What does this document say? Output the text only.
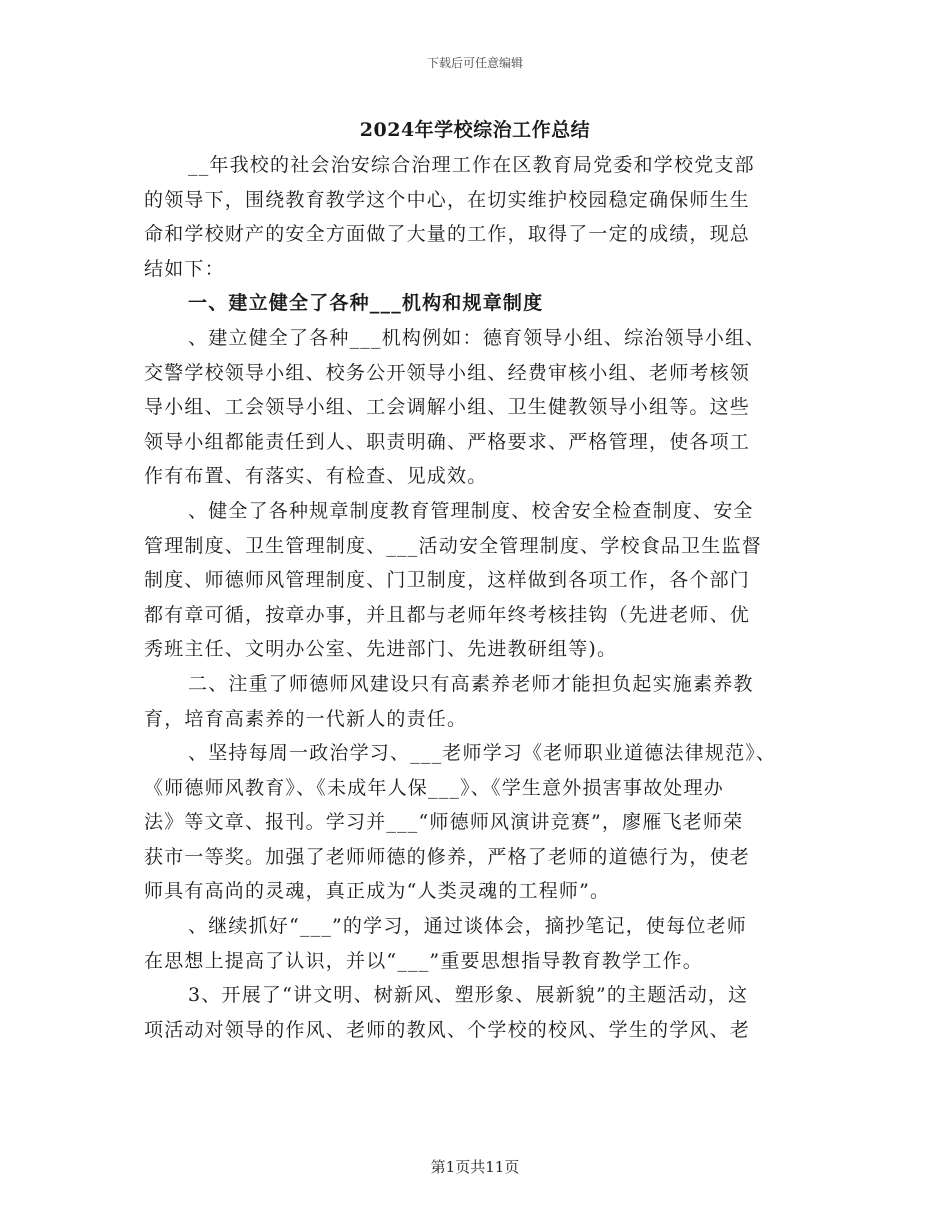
下载后可任意编辑
2024年学校综治工作总结
__年我校的社会治安综合治理工作在区教育局党委和学校党支部
的领导下，围绕教育教学这个中心，在切实维护校园稳定确保师生生
命和学校财产的安全方面做了大量的工作，取得了一定的成绩，现总
结如下：
一、建立健全了各种___机构和规章制度
、建立健全了各种___机构例如：德育领导小组、综治领导小组、
交警学校领导小组、校务公开领导小组、经费审核小组、老师考核领
导小组、工会领导小组、工会调解小组、卫生健教领导小组等。这些
领导小组都能责任到人、职责明确、严格要求、严格管理，使各项工
作有布置、有落实、有检查、见成效。
、健全了各种规章制度教育管理制度、校舍安全检查制度、安全
管理制度、卫生管理制度、___活动安全管理制度、学校食品卫生监督
制度、师德师风管理制度、门卫制度，这样做到各项工作，各个部门
都有章可循，按章办事，并且都与老师年终考核挂钩（先进老师、优
秀班主任、文明办公室、先进部门、先进教研组等)。
二、注重了师德师风建设只有高素养老师才能担负起实施素养教
育，培育高素养的一代新人的责任。
、坚持每周一政治学习、___老师学习《老师职业道德法律规范》、
《师德师风教育》、《未成年人保___》、《学生意外损害事故处理办
法》等文章、报刊。学习并___“师德师风演讲竞赛”，廖雁飞老师荣
获市一等奖。加强了老师师德的修养，严格了老师的道德行为，使老
师具有高尚的灵魂，真正成为“人类灵魂的工程师”。
、继续抓好“___”的学习，通过谈体会，摘抄笔记，使每位老师
在思想上提高了认识，并以“___”重要思想指导教育教学工作。
3、开展了“讲文明、树新风、塑形象、展新貌”的主题活动，这
项活动对领导的作风、老师的教风、个学校的校风、学生的学风、老
第1页共11页
